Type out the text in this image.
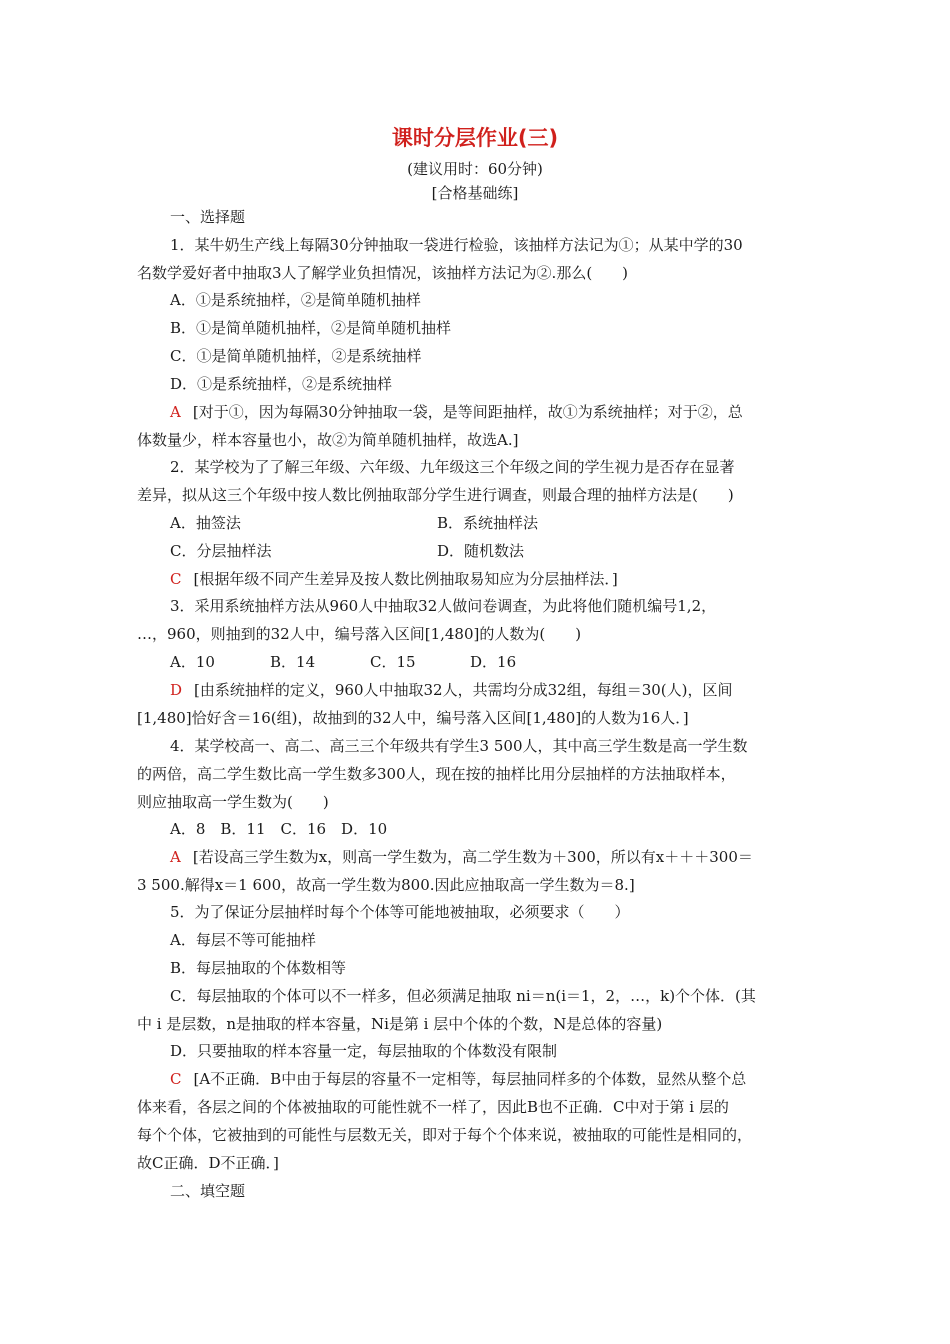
课时分层作业(三)
(建议用时：60分钟)
[合格基础练]
一、选择题
1．某牛奶生产线上每隔30分钟抽取一袋进行检验，该抽样方法记为①；从某中学的30
名数学爱好者中抽取3人了解学业负担情况，该抽样方法记为②.那么(　　)
A．①是系统抽样，②是简单随机抽样
B．①是简单随机抽样，②是简单随机抽样
C．①是简单随机抽样，②是系统抽样
D．①是系统抽样，②是系统抽样
A [对于①，因为每隔30分钟抽取一袋，是等间距抽样，故①为系统抽样；对于②，总
体数量少，样本容量也小，故②为简单随机抽样，故选A.]
2．某学校为了了解三年级、六年级、九年级这三个年级之间的学生视力是否存在显著
差异，拟从这三个年级中按人数比例抽取部分学生进行调查，则最合理的抽样方法是(　　)
A．抽签法	B．系统抽样法
C．分层抽样法	D．随机数法
C [根据年级不同产生差异及按人数比例抽取易知应为分层抽样法．]
3．采用系统抽样方法从960人中抽取32人做问卷调查，为此将他们随机编号1,2，
…，960，则抽到的32人中，编号落入区间[1,480]的人数为(　　)
A．10	B．14	C．15	D．16
D [由系统抽样的定义，960人中抽取32人，共需均分成32组，每组＝30(人)，区间
[1,480]恰好含＝16(组)，故抽到的32人中，编号落入区间[1,480]的人数为16人．]
4．某学校高一、高二、高三三个年级共有学生3 500人，其中高三学生数是高一学生数
的两倍，高二学生数比高一学生数多300人，现在按的抽样比用分层抽样的方法抽取样本，
则应抽取高一学生数为(　　)
A．8　B．11　C．16　D．10
A [若设高三学生数为x，则高一学生数为，高二学生数为＋300，所以有x＋＋＋300＝
3 500.解得x＝1 600，故高一学生数为800.因此应抽取高一学生数为＝8.]
5．为了保证分层抽样时每个个体等可能地被抽取，必须要求（　　）
A．每层不等可能抽样
B．每层抽取的个体数相等
C．每层抽取的个体可以不一样多，但必须满足抽取 ni＝n(i＝1，2，…，k)个个体．(其
中 i 是层数，n是抽取的样本容量，Ni是第 i 层中个体的个数，N是总体的容量)
D．只要抽取的样本容量一定，每层抽取的个体数没有限制
C [A不正确．B中由于每层的容量不一定相等，每层抽同样多的个体数，显然从整个总
体来看，各层之间的个体被抽取的可能性就不一样了，因此B也不正确．C中对于第 i 层的
每个个体，它被抽到的可能性与层数无关，即对于每个个体来说，被抽取的可能性是相同的，
故C正确．D不正确．]
二、填空题
